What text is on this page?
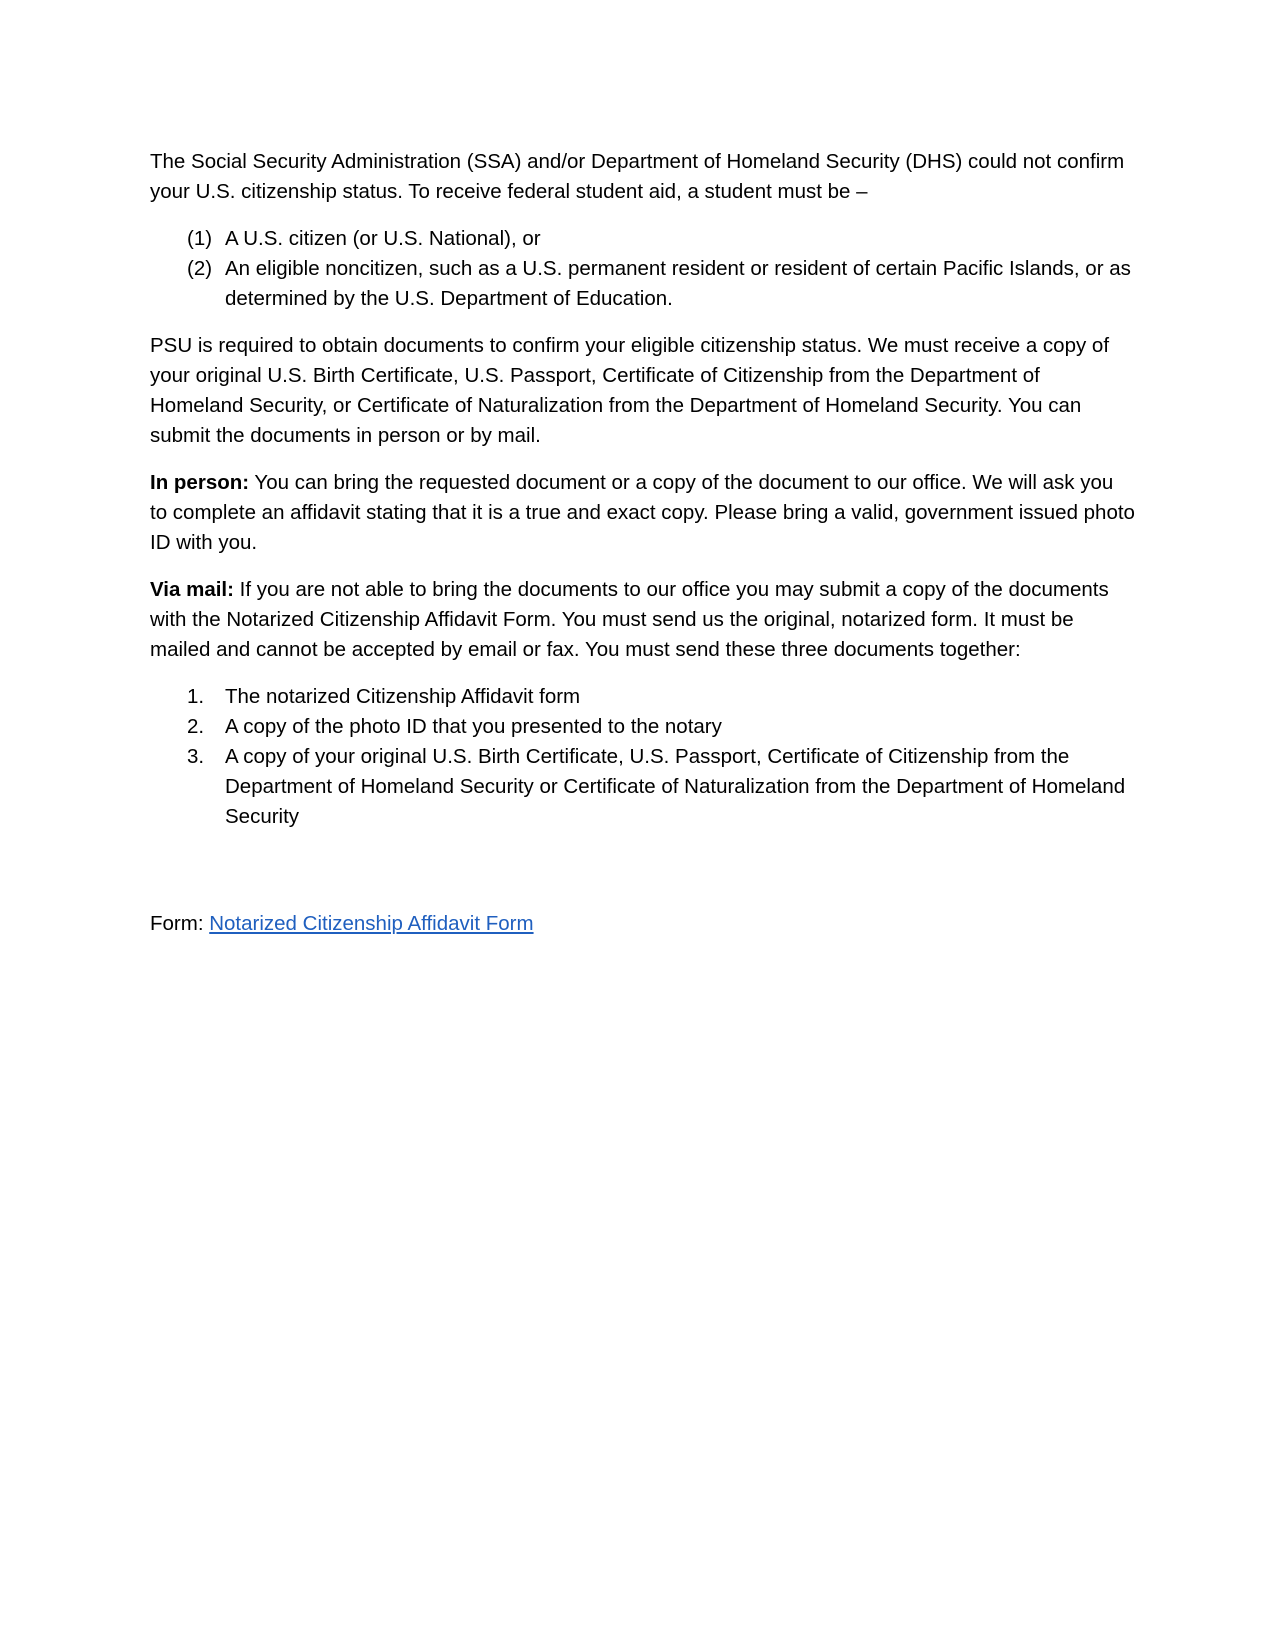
The Social Security Administration (SSA) and/or Department of Homeland Security (DHS) could not confirm your U.S. citizenship status. To receive federal student aid, a student must be –

(1) A U.S. citizen (or U.S. National), or
(2) An eligible noncitizen, such as a U.S. permanent resident or resident of certain Pacific Islands, or as determined by the U.S. Department of Education.

PSU is required to obtain documents to confirm your eligible citizenship status. We must receive a copy of your original U.S. Birth Certificate, U.S. Passport, Certificate of Citizenship from the Department of Homeland Security, or Certificate of Naturalization from the Department of Homeland Security. You can submit the documents in person or by mail.

In person: You can bring the requested document or a copy of the document to our office. We will ask you to complete an affidavit stating that it is a true and exact copy. Please bring a valid, government issued photo ID with you.

Via mail: If you are not able to bring the documents to our office you may submit a copy of the documents with the Notarized Citizenship Affidavit Form. You must send us the original, notarized form. It must be mailed and cannot be accepted by email or fax. You must send these three documents together:

1. The notarized Citizenship Affidavit form
2. A copy of the photo ID that you presented to the notary
3. A copy of your original U.S. Birth Certificate, U.S. Passport, Certificate of Citizenship from the Department of Homeland Security or Certificate of Naturalization from the Department of Homeland Security

Form: Notarized Citizenship Affidavit Form
